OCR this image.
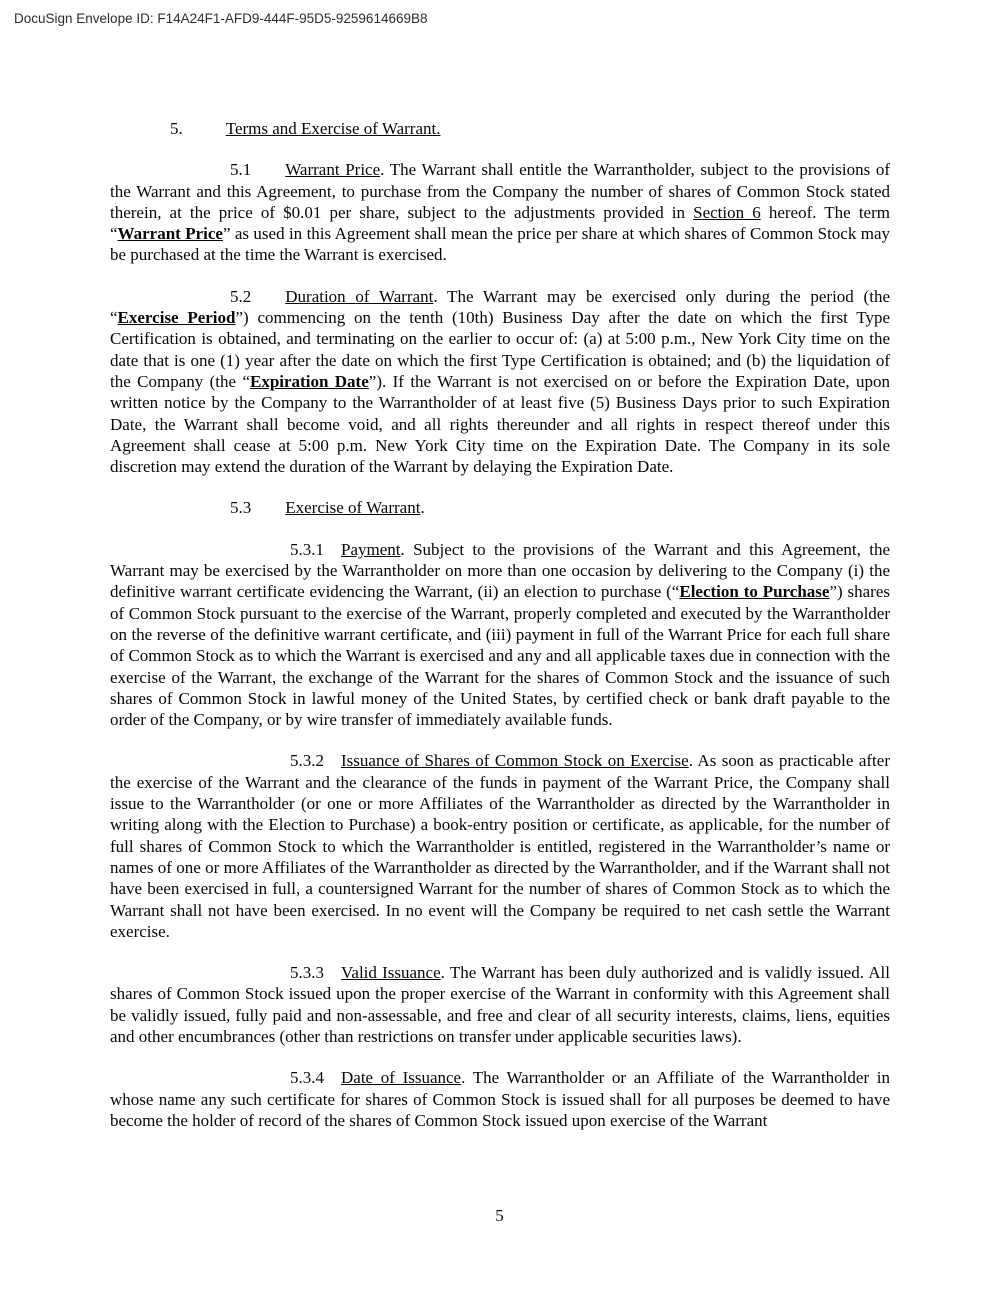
DocuSign Envelope ID: F14A24F1-AFD9-444F-95D5-9259614669B8
5.	Terms and Exercise of Warrant.
5.1 Warrant Price. The Warrant shall entitle the Warrantholder, subject to the provisions of the Warrant and this Agreement, to purchase from the Company the number of shares of Common Stock stated therein, at the price of $0.01 per share, subject to the adjustments provided in Section 6 hereof. The term “Warrant Price” as used in this Agreement shall mean the price per share at which shares of Common Stock may be purchased at the time the Warrant is exercised.
5.2 Duration of Warrant. The Warrant may be exercised only during the period (the “Exercise Period”) commencing on the tenth (10th) Business Day after the date on which the first Type Certification is obtained, and terminating on the earlier to occur of: (a) at 5:00 p.m., New York City time on the date that is one (1) year after the date on which the first Type Certification is obtained; and (b) the liquidation of the Company (the “Expiration Date”). If the Warrant is not exercised on or before the Expiration Date, upon written notice by the Company to the Warrantholder of at least five (5) Business Days prior to such Expiration Date, the Warrant shall become void, and all rights thereunder and all rights in respect thereof under this Agreement shall cease at 5:00 p.m. New York City time on the Expiration Date. The Company in its sole discretion may extend the duration of the Warrant by delaying the Expiration Date.
5.3 Exercise of Warrant.
5.3.1 Payment. Subject to the provisions of the Warrant and this Agreement, the Warrant may be exercised by the Warrantholder on more than one occasion by delivering to the Company (i) the definitive warrant certificate evidencing the Warrant, (ii) an election to purchase (“Election to Purchase”) shares of Common Stock pursuant to the exercise of the Warrant, properly completed and executed by the Warrantholder on the reverse of the definitive warrant certificate, and (iii) payment in full of the Warrant Price for each full share of Common Stock as to which the Warrant is exercised and any and all applicable taxes due in connection with the exercise of the Warrant, the exchange of the Warrant for the shares of Common Stock and the issuance of such shares of Common Stock in lawful money of the United States, by certified check or bank draft payable to the order of the Company, or by wire transfer of immediately available funds.
5.3.2 Issuance of Shares of Common Stock on Exercise. As soon as practicable after the exercise of the Warrant and the clearance of the funds in payment of the Warrant Price, the Company shall issue to the Warrantholder (or one or more Affiliates of the Warrantholder as directed by the Warrantholder in writing along with the Election to Purchase) a book-entry position or certificate, as applicable, for the number of full shares of Common Stock to which the Warrantholder is entitled, registered in the Warrantholder’s name or names of one or more Affiliates of the Warrantholder as directed by the Warrantholder, and if the Warrant shall not have been exercised in full, a countersigned Warrant for the number of shares of Common Stock as to which the Warrant shall not have been exercised. In no event will the Company be required to net cash settle the Warrant exercise.
5.3.3 Valid Issuance. The Warrant has been duly authorized and is validly issued. All shares of Common Stock issued upon the proper exercise of the Warrant in conformity with this Agreement shall be validly issued, fully paid and non-assessable, and free and clear of all security interests, claims, liens, equities and other encumbrances (other than restrictions on transfer under applicable securities laws).
5.3.4 Date of Issuance. The Warrantholder or an Affiliate of the Warrantholder in whose name any such certificate for shares of Common Stock is issued shall for all purposes be deemed to have become the holder of record of the shares of Common Stock issued upon exercise of the Warrant
5
